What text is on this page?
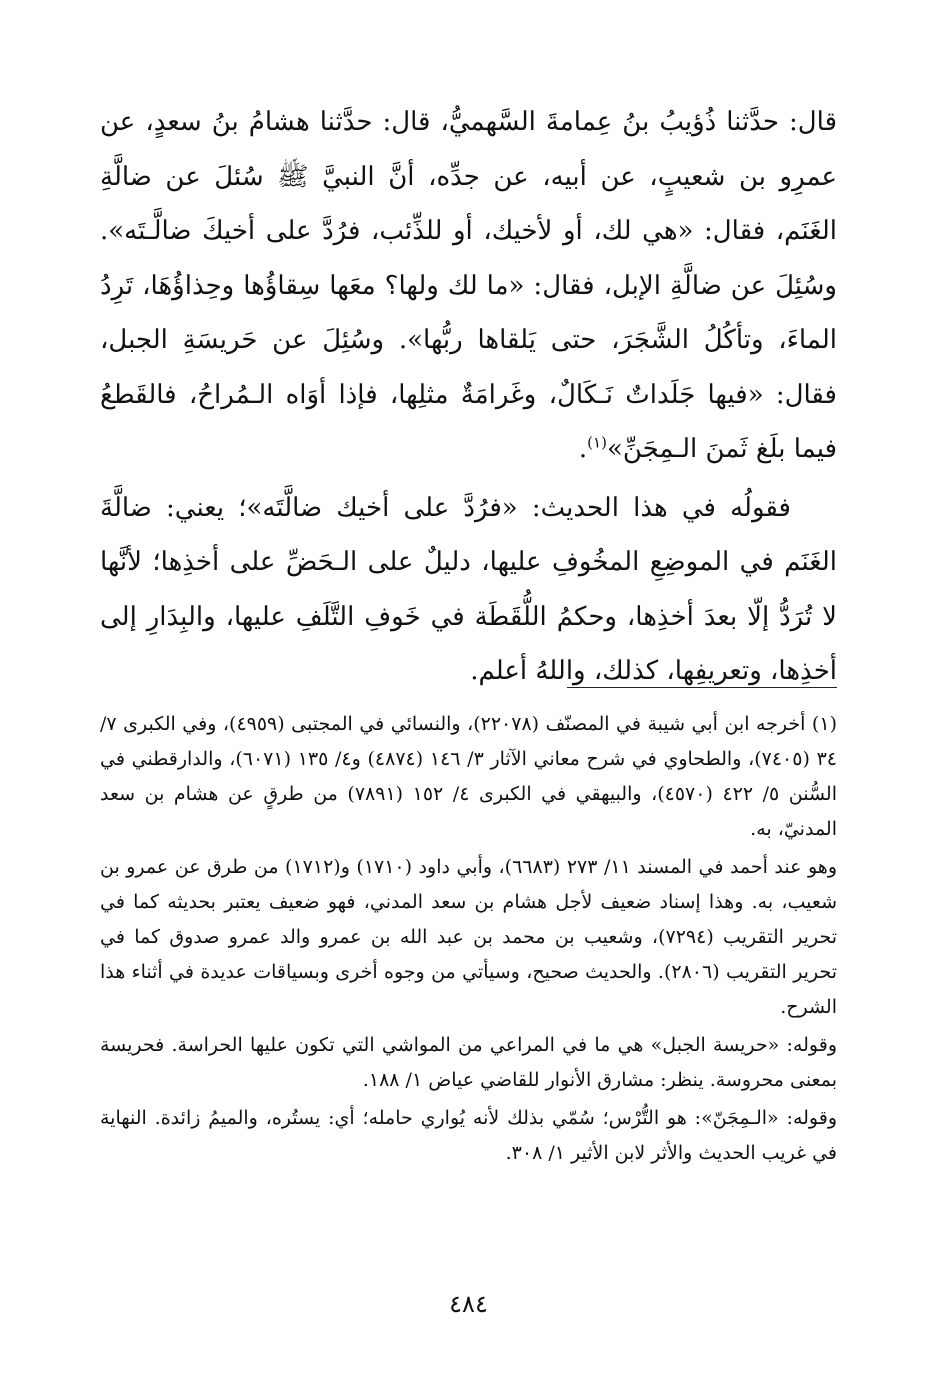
قال: حدَّثنا ذُؤيبُ بنُ عِمامةَ السَّهميُّ، قال: حدَّثنا هشامُ بنُ سعدٍ، عن عمرِو بن شعيبٍ، عن أبيه، عن جدِّه، أنَّ النبيَّ ﷺ سُئلَ عن ضالَّةِ الغَنَم، فقال: «هي لك، أو لأخيك، أو للذِّئب، فرُدَّ على أخيكَ ضالَّـتَه». وسُئِلَ عن ضالَّةِ الإبل، فقال: «ما لك ولها؟ معَها سِقاؤُها وحِذاؤُهَا، تَرِدُ الماءَ، وتأكُلُ الشَّجَرَ، حتى يَلقاها ربُّها». وسُئِلَ عن حَريسَةِ الجبل، فقال: «فيها جَلَداتٌ نَـكَالٌ، وغَرامَةٌ مثلِها، فإذا أوَاه الـمُراحُ، فالقَطعُ فيما بلَغ ثَمنَ الـمِجَنِّ»$^{(١)}$.

فقولُه في هذا الحديث: «فرُدَّ على أخيك ضالَّتَه»؛ يعني: ضالَّةَ الغَنَم في الموضِعِ المخُوفِ عليها، دليلٌ على الـحَضِّ على أخذِها؛ لأنَّها لا تُرَدُّ إلّا بعدَ أخذِها، وحكمُ اللُّقَطَة في خَوفِ التَّلَفِ عليها، والبِدَارِ إلى أخذِها، وتعريفِها، كذلك، واللهُ أعلم.

(١) أخرجه ابن أبي شيبة في المصنّف (٢٢٠٧٨)، والنسائي في المجتبى (٤٩٥٩)، وفي الكبرى ٧/ ٣٤ (٧٤٠٥)، والطحاوي في شرح معاني الآثار ٣/ ١٤٦ (٤٨٧٤) و٤/ ١٣٥ (٦٠٧١)، والدارقطني في السُّنن ٥/ ٤٢٢ (٤٥٧٠)، والبيهقي في الكبرى ٤/ ١٥٢ (٧٨٩١) من طرقٍ عن هشام بن سعد المدنيّ، به.

وهو عند أحمد في المسند ١١/ ٢٧٣ (٦٦٨٣)، وأبي داود (١٧١٠) و(١٧١٢) من طرق عن عمرو بن شعيب، به. وهذا إسناد ضعيف لأجل هشام بن سعد المدني، فهو ضعيف يعتبر بحديثه كما في تحرير التقريب (٧٢٩٤)، وشعيب بن محمد بن عبد الله بن عمرو والد عمرو صدوق كما في تحرير التقريب (٢٨٠٦). والحديث صحيح، وسيأتي من وجوه أخرى وبسياقات عديدة في أثناء هذا الشرح.

وقوله: «حريسة الجبل» هي ما في المراعي من المواشي التي تكون عليها الحراسة. فحريسة بمعنى محروسة. ينظر: مشارق الأنوار للقاضي عياض ١/ ١٨٨.

وقوله: «الـمِجَنّ»: هو التُّرْس؛ سُمّي بذلك لأنه يُواري حامله؛ أي: يستُره، والميمُ زائدة. النهاية في غريب الحديث والأثر لابن الأثير ١/ ٣٠٨.

٤٨٤
